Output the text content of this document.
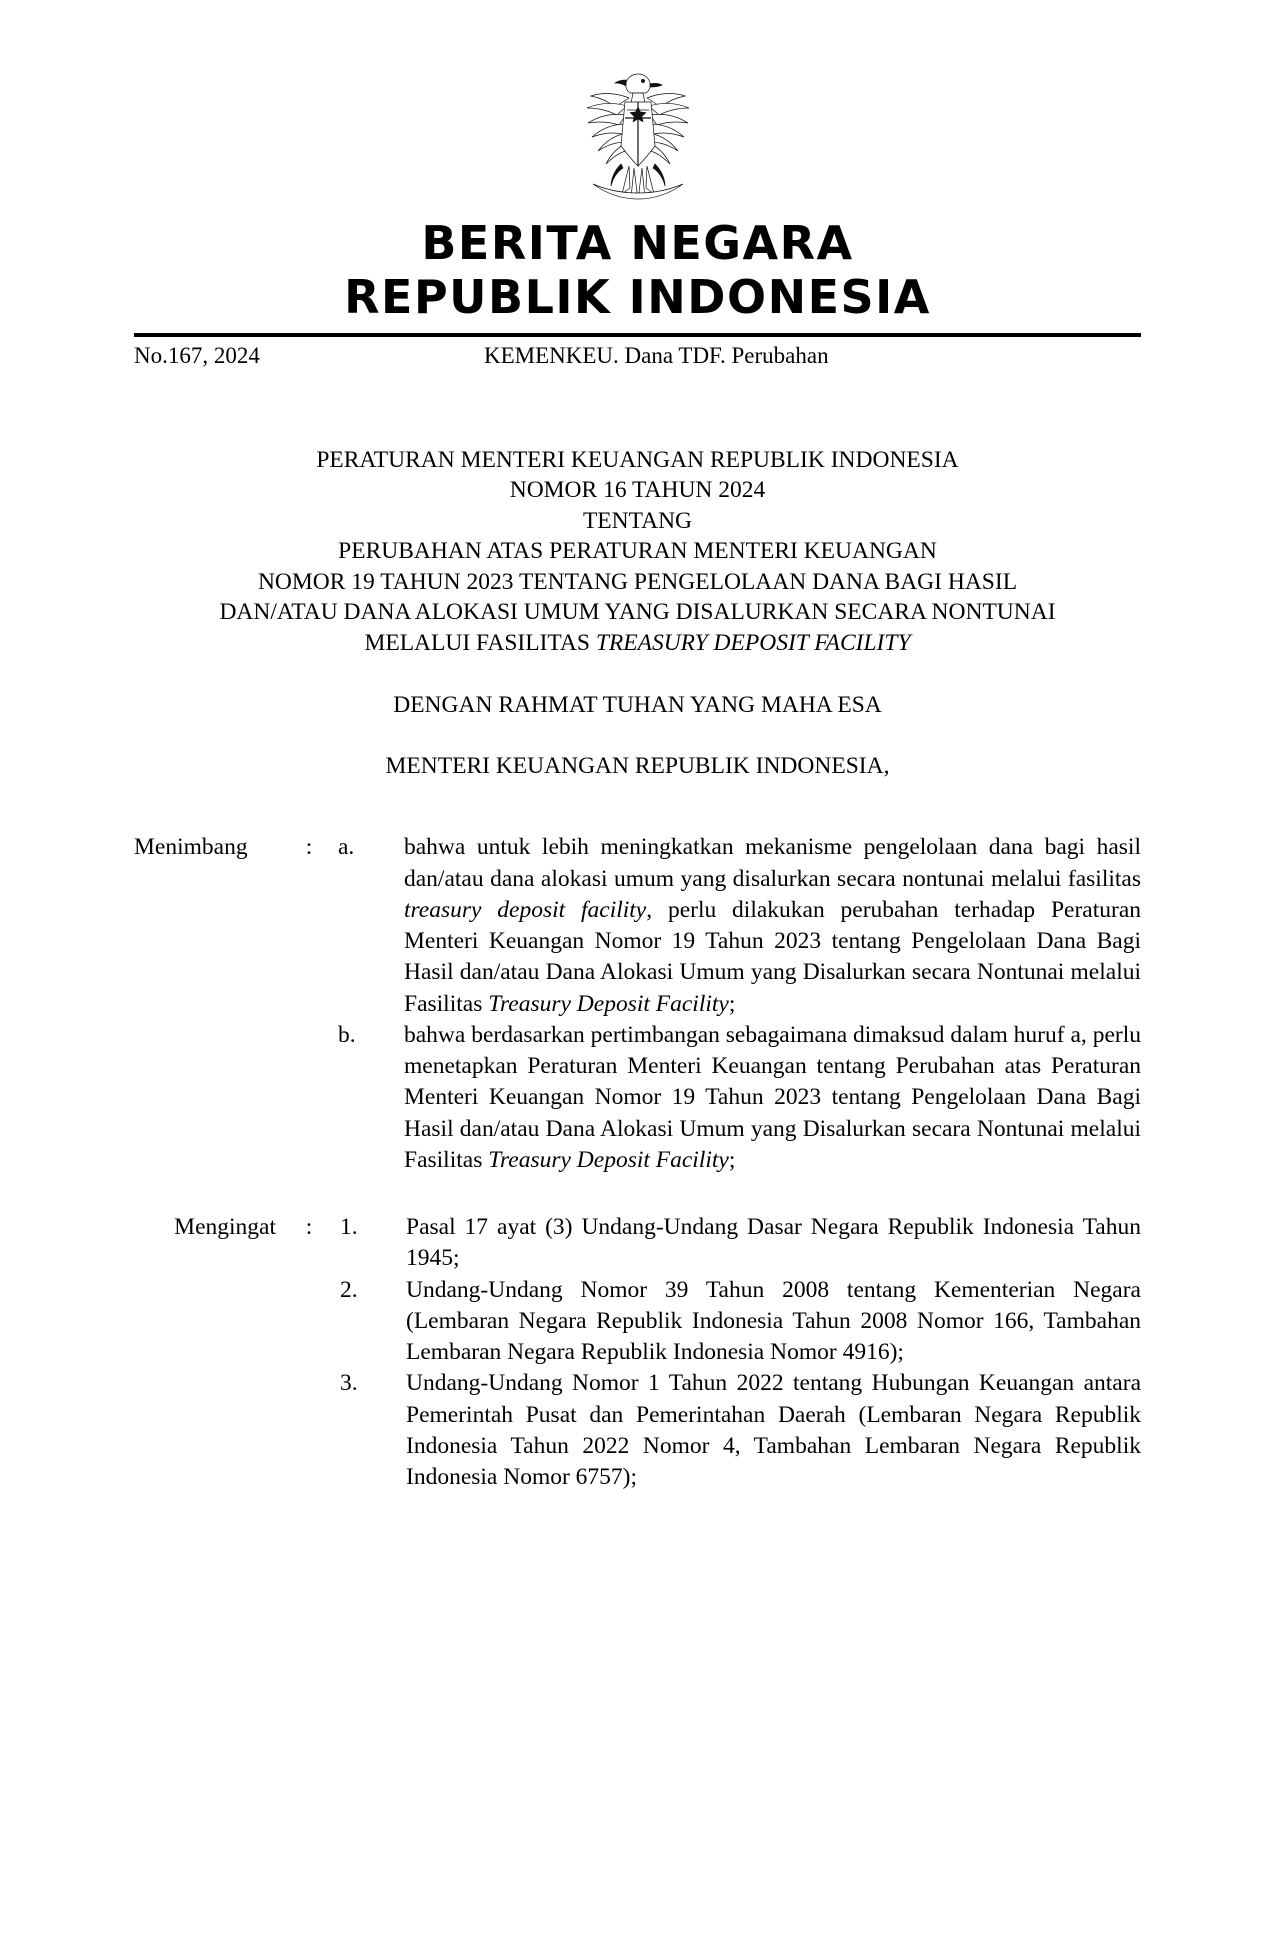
BERITA NEGARA
REPUBLIK INDONESIA
No.167, 2024	KEMENKEU. Dana TDF. Perubahan
PERATURAN MENTERI KEUANGAN REPUBLIK INDONESIA
NOMOR 16 TAHUN 2024
TENTANG
PERUBAHAN ATAS PERATURAN MENTERI KEUANGAN
NOMOR 19 TAHUN 2023 TENTANG PENGELOLAAN DANA BAGI HASIL
DAN/ATAU DANA ALOKASI UMUM YANG DISALURKAN SECARA NONTUNAI
MELALUI FASILITAS TREASURY DEPOSIT FACILITY
DENGAN RAHMAT TUHAN YANG MAHA ESA
MENTERI KEUANGAN REPUBLIK INDONESIA,
Menimbang	:	a.	bahwa untuk lebih meningkatkan mekanisme pengelolaan dana bagi hasil dan/atau dana alokasi umum yang disalurkan secara nontunai melalui fasilitas treasury deposit facility, perlu dilakukan perubahan terhadap Peraturan Menteri Keuangan Nomor 19 Tahun 2023 tentang Pengelolaan Dana Bagi Hasil dan/atau Dana Alokasi Umum yang Disalurkan secara Nontunai melalui Fasilitas Treasury Deposit Facility;
b.	bahwa berdasarkan pertimbangan sebagaimana dimaksud dalam huruf a, perlu menetapkan Peraturan Menteri Keuangan tentang Perubahan atas Peraturan Menteri Keuangan Nomor 19 Tahun 2023 tentang Pengelolaan Dana Bagi Hasil dan/atau Dana Alokasi Umum yang Disalurkan secara Nontunai melalui Fasilitas Treasury Deposit Facility;
Mengingat	:	1.	Pasal 17 ayat (3) Undang-Undang Dasar Negara Republik Indonesia Tahun 1945;
2.	Undang-Undang Nomor 39 Tahun 2008 tentang Kementerian Negara (Lembaran Negara Republik Indonesia Tahun 2008 Nomor 166, Tambahan Lembaran Negara Republik Indonesia Nomor 4916);
3.	Undang-Undang Nomor 1 Tahun 2022 tentang Hubungan Keuangan antara Pemerintah Pusat dan Pemerintahan Daerah (Lembaran Negara Republik Indonesia Tahun 2022 Nomor 4, Tambahan Lembaran Negara Republik Indonesia Nomor 6757);
